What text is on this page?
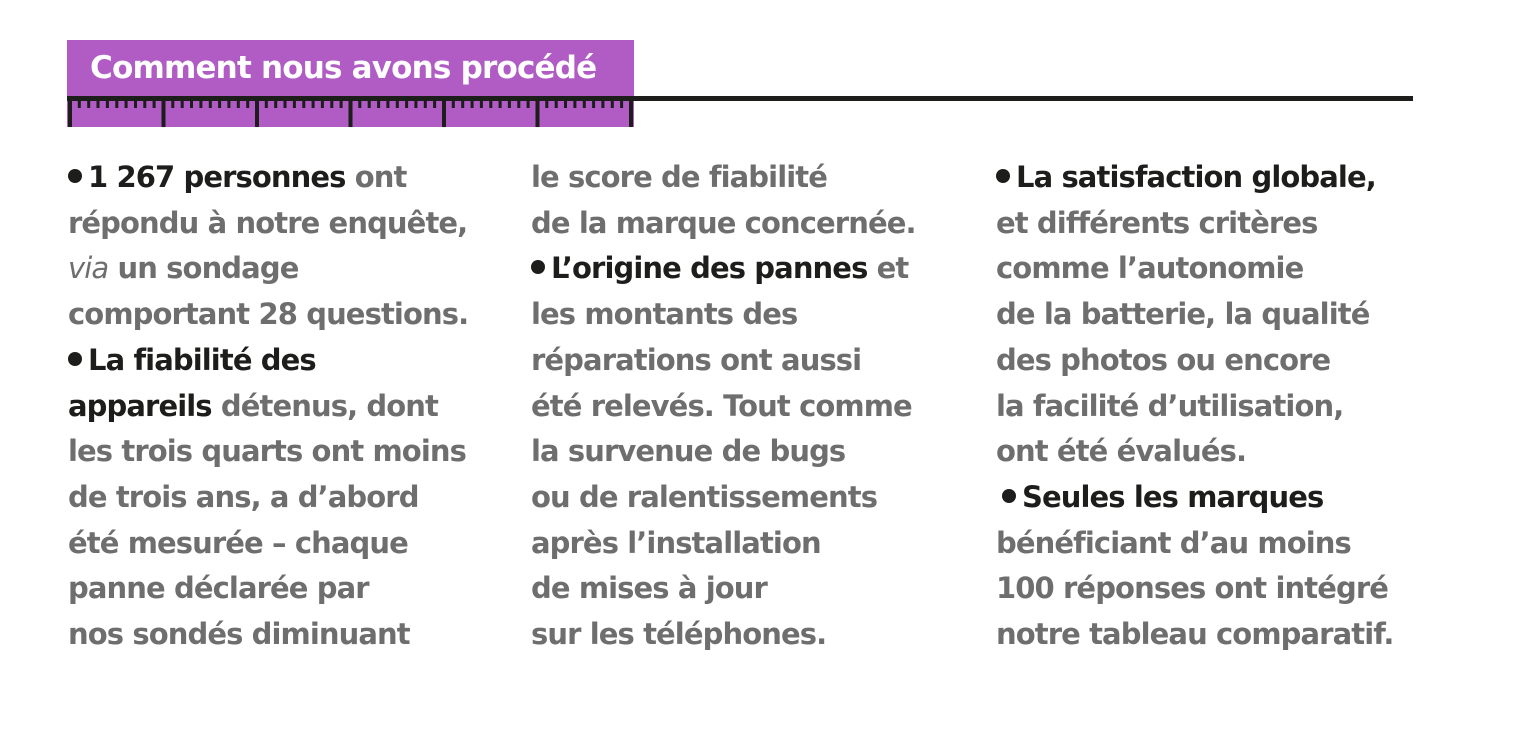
Comment nous avons procédé
1 267 personnes ont
répondu à notre enquête,
via un sondage
comportant 28 questions.
La fiabilité des
appareils détenus, dont
les trois quarts ont moins
de trois ans, a d’abord
été mesurée – chaque
panne déclarée par
nos sondés diminuant
le score de fiabilité
de la marque concernée.
L’origine des pannes et
les montants des
réparations ont aussi
été relevés. Tout comme
la survenue de bugs
ou de ralentissements
après l’installation
de mises à jour
sur les téléphones.
La satisfaction globale,
et différents critères
comme l’autonomie
de la batterie, la qualité
des photos ou encore
la facilité d’utilisation,
ont été évalués.
Seules les marques
bénéficiant d’au moins
100 réponses ont intégré
notre tableau comparatif.
